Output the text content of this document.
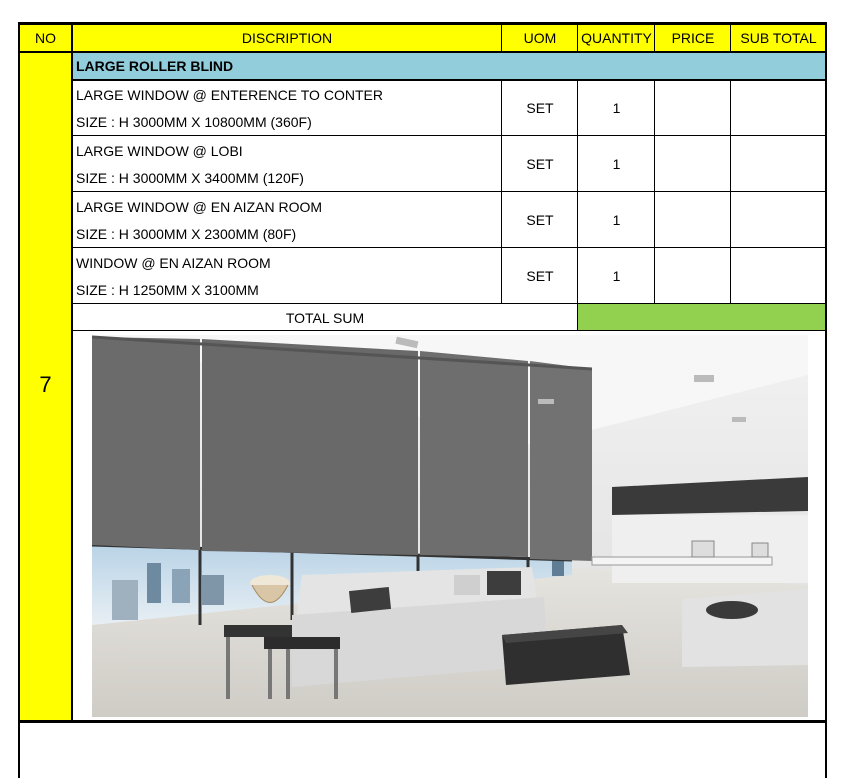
NO	DISCRIPTION	UOM	QUANTITY	PRICE	SUB TOTAL
7
LARGE ROLLER BLIND
LARGE WINDOW @ ENTERENCE TO CONTER
SIZE : H 3000MM X 10800MM (360F)
SET	1
LARGE WINDOW @ LOBI
SIZE : H 3000MM X 3400MM (120F)
SET	1
LARGE WINDOW @ EN AIZAN ROOM
SIZE : H 3000MM X 2300MM (80F)
SET	1
WINDOW @ EN AIZAN ROOM
SIZE : H 1250MM X 3100MM
SET	1
TOTAL SUM
